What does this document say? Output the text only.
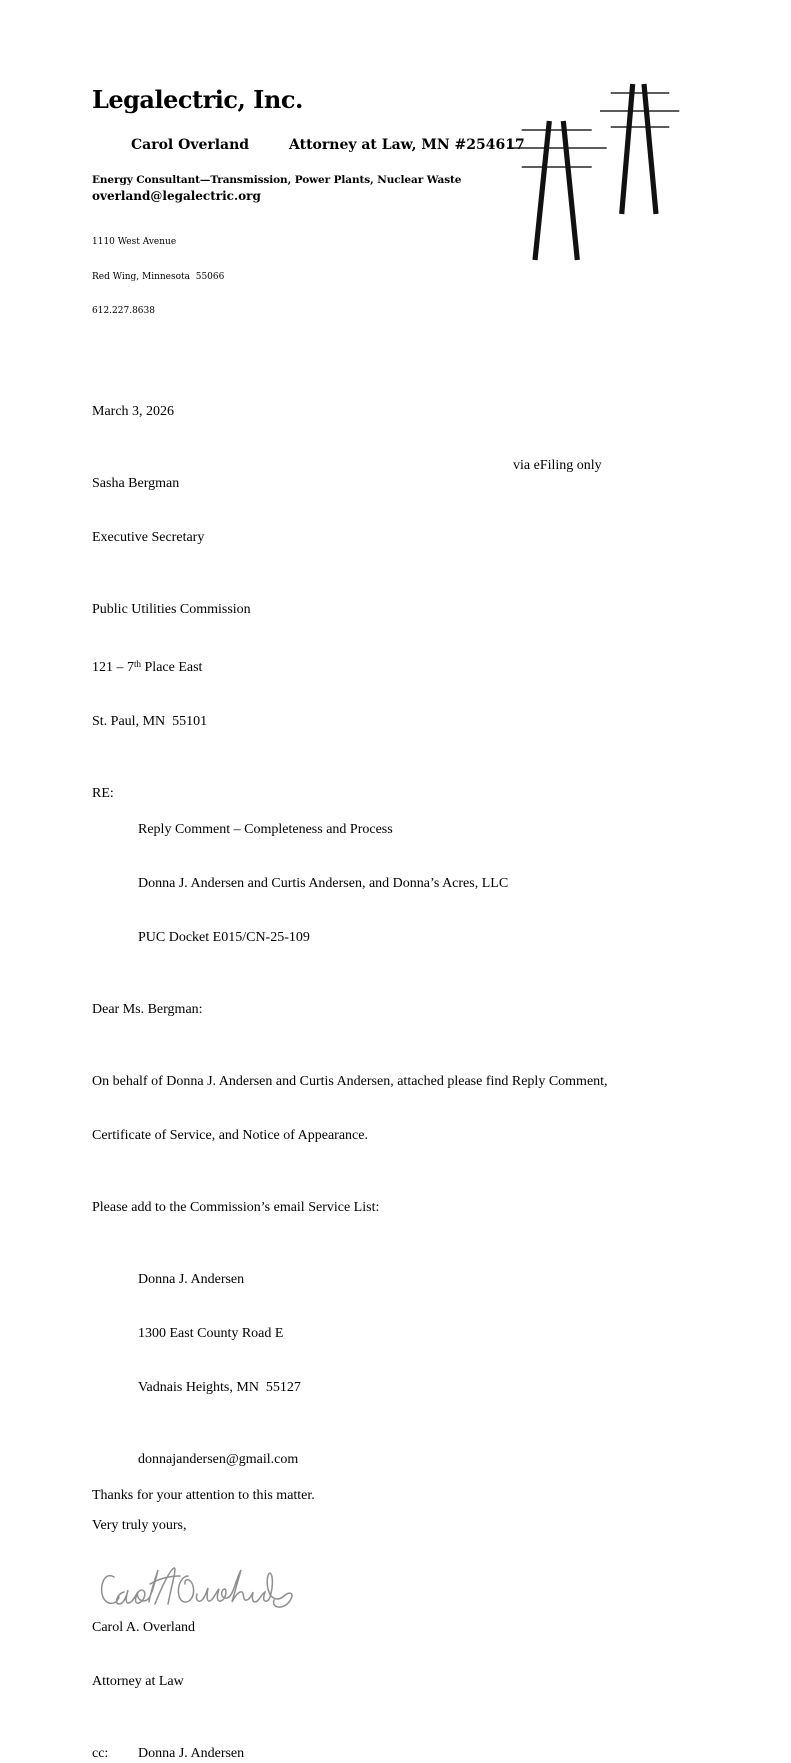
Legalectric, Inc.

Carol Overland	Attorney at Law, MN #254617

Energy Consultant—Transmission, Power Plants, Nuclear Waste
overland@legalectric.org

1110 West Avenue

Red Wing, Minnesota  55066

612.227.8638

March 3, 2026

Sasha Bergman

Executive Secretary

via eFiling only

Public Utilities Commission

121 – 7th Place East

St. Paul, MN  55101

RE:

Reply Comment – Completeness and Process

Donna J. Andersen and Curtis Andersen, and Donna’s Acres, LLC

PUC Docket E015/CN-25-109

Dear Ms. Bergman:

On behalf of Donna J. Andersen and Curtis Andersen, attached please find Reply Comment,

Certificate of Service, and Notice of Appearance.

Please add to the Commission’s email Service List:

Donna J. Andersen

1300 East County Road E

Vadnais Heights, MN  55127

donnajandersen@gmail.com

Thanks for your attention to this matter.

Very truly yours,

Carol A. Overland

Attorney at Law

cc:	Donna J. Andersen
